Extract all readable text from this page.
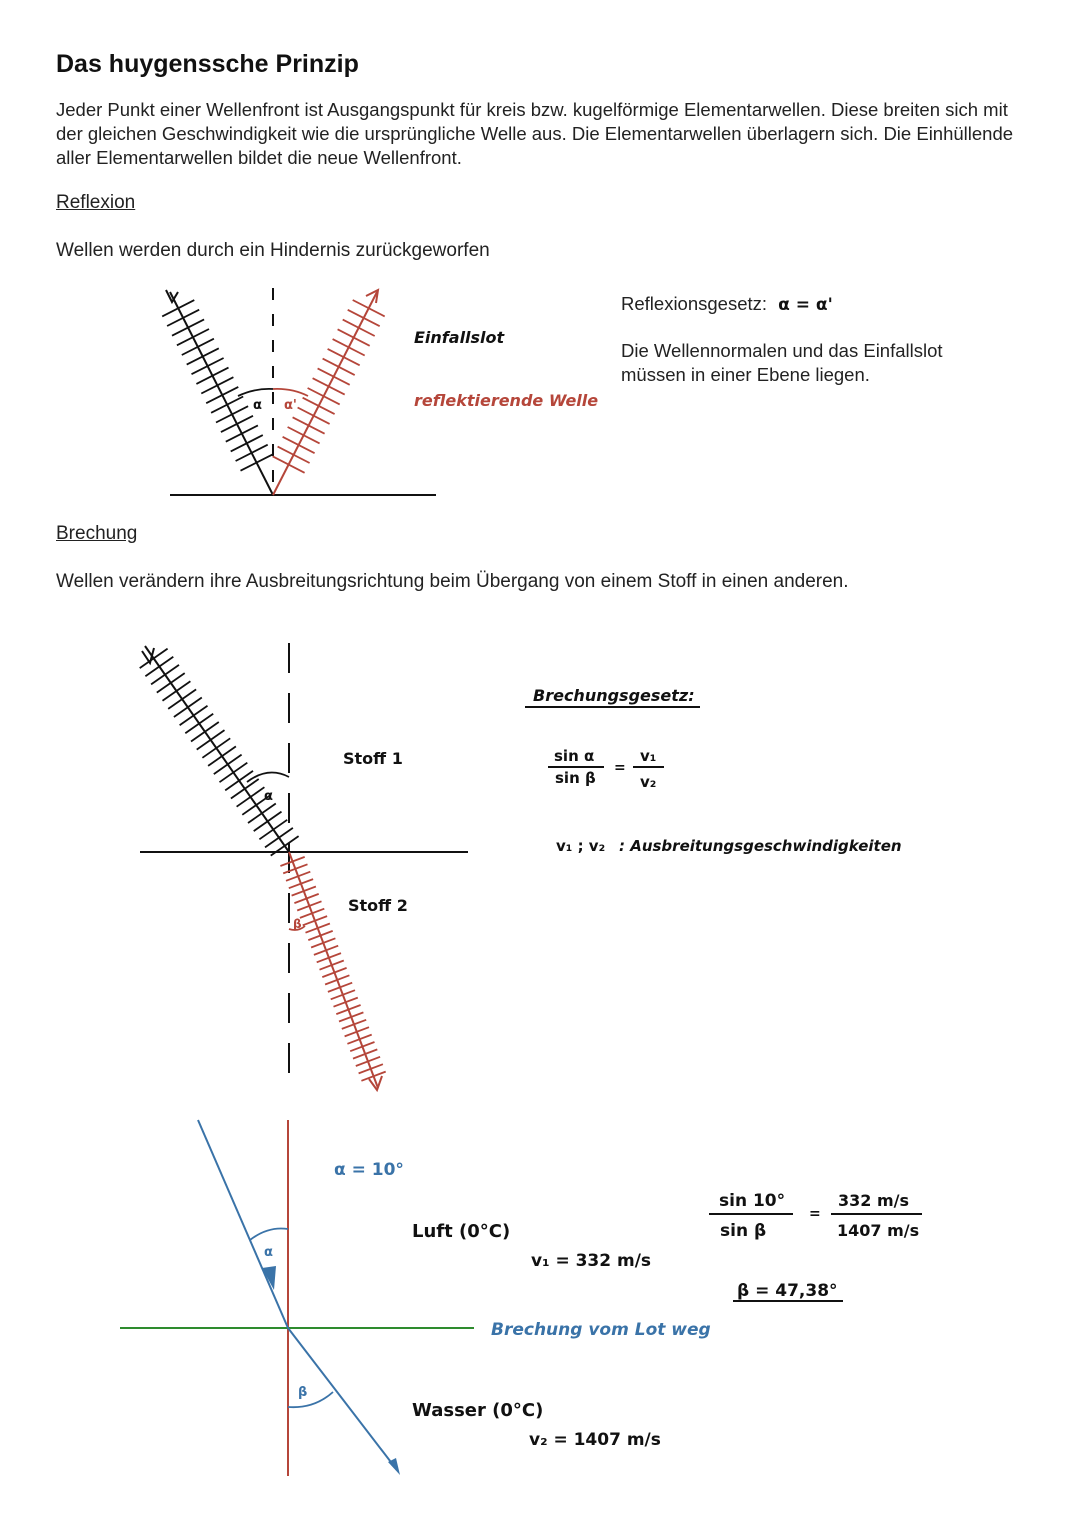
Das huygenssche Prinzip
Jeder Punkt einer Wellenfront ist Ausgangspunkt für kreis bzw. kugelförmige Elementarwellen. Diese breiten sich mit der gleichen Geschwindigkeit wie die ursprüngliche Welle aus. Die Elementarwellen überlagern sich. Die Einhüllende aller Elementarwellen bildet die neue Wellenfront.
Reflexion
Wellen werden durch ein Hindernis zurückgeworfen
Reflexionsgesetz: α = α'
Die Wellennormalen und das Einfallslot müssen in einer Ebene liegen.
α α'
Einfallslot
reflektierende Welle
Brechung
Wellen verändern ihre Ausbreitungsrichtung beim Übergang von einem Stoff in einen anderen.
α
β
Stoff 1
Stoff 2
Brechungsgesetz:
sin α
sin β
=
v₁
v₂
v₁ ; v₂ : Ausbreitungsgeschwindigkeiten
α
β
α = 10°
Luft (0°C)
v₁ = 332 m/s
Brechung vom Lot weg
Wasser (0°C)
v₂ = 1407 m/s
sin 10°
sin β
=
332 m/s
1407 m/s
β = 47,38°
